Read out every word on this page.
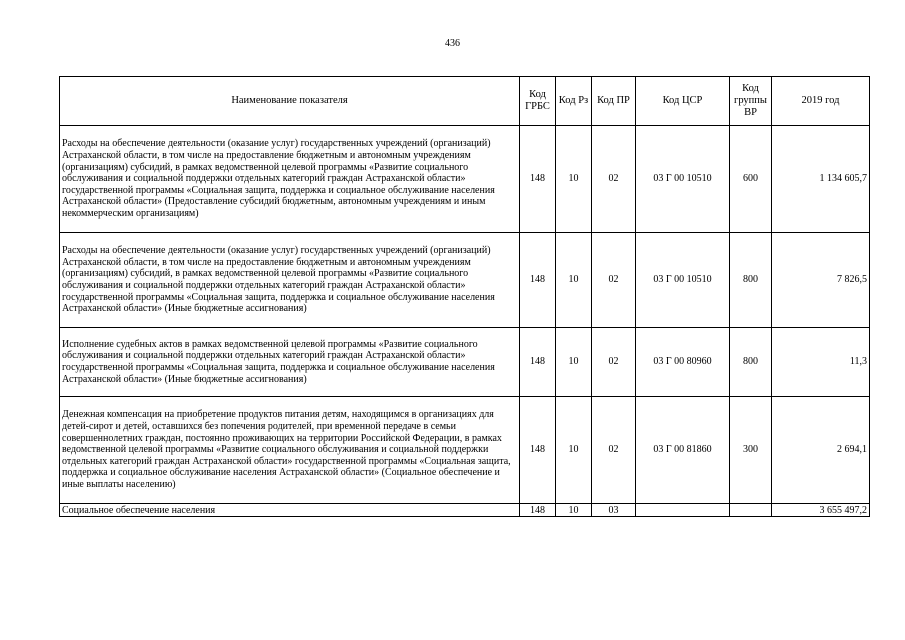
436
Наименование показателя	Код ГРБС	Код Рз	Код ПР	Код ЦСР	Код группы ВР	2019 год
Расходы на обеспечение деятельности (оказание услуг) государственных учреждений (организаций) Астраханской области, в том числе на предоставление бюджетным и автономным учреждениям (организациям) субсидий, в рамках ведомственной целевой программы «Развитие социального обслуживания и социальной поддержки отдельных категорий граждан Астраханской области» государственной программы «Социальная защита, поддержка и социальное обслуживание населения Астраханской области» (Предоставление субсидий бюджетным, автономным учреждениям и иным некоммерческим организациям)	148	10	02	03 Г 00 10510	600	1 134 605,7
Расходы на обеспечение деятельности (оказание услуг) государственных учреждений (организаций) Астраханской области, в том числе на предоставление бюджетным и автономным учреждениям (организациям) субсидий, в рамках ведомственной целевой программы «Развитие социального обслуживания и социальной поддержки отдельных категорий граждан Астраханской области» государственной программы «Социальная защита, поддержка и социальное обслуживание населения Астраханской области» (Иные бюджетные ассигнования)	148	10	02	03 Г 00 10510	800	7 826,5
Исполнение судебных актов в рамках ведомственной целевой программы «Развитие социального обслуживания и социальной поддержки отдельных категорий граждан Астраханской области» государственной программы «Социальная защита, поддержка и социальное обслуживание населения Астраханской области» (Иные бюджетные ассигнования)	148	10	02	03 Г 00 80960	800	11,3
Денежная компенсация на приобретение продуктов питания детям, находящимся в организациях для детей-сирот и детей, оставшихся без попечения родителей, при временной передаче в семьи совершеннолетних граждан, постоянно проживающих на территории Российской Федерации, в рамках ведомственной целевой программы «Развитие социального обслуживания и социальной поддержки отдельных категорий граждан Астраханской области» государственной программы «Социальная защита, поддержка и социальное обслуживание населения Астраханской области» (Социальное обеспечение и иные выплаты населению)	148	10	02	03 Г 00 81860	300	2 694,1
Социальное обеспечение населения	148	10	03			3 655 497,2
